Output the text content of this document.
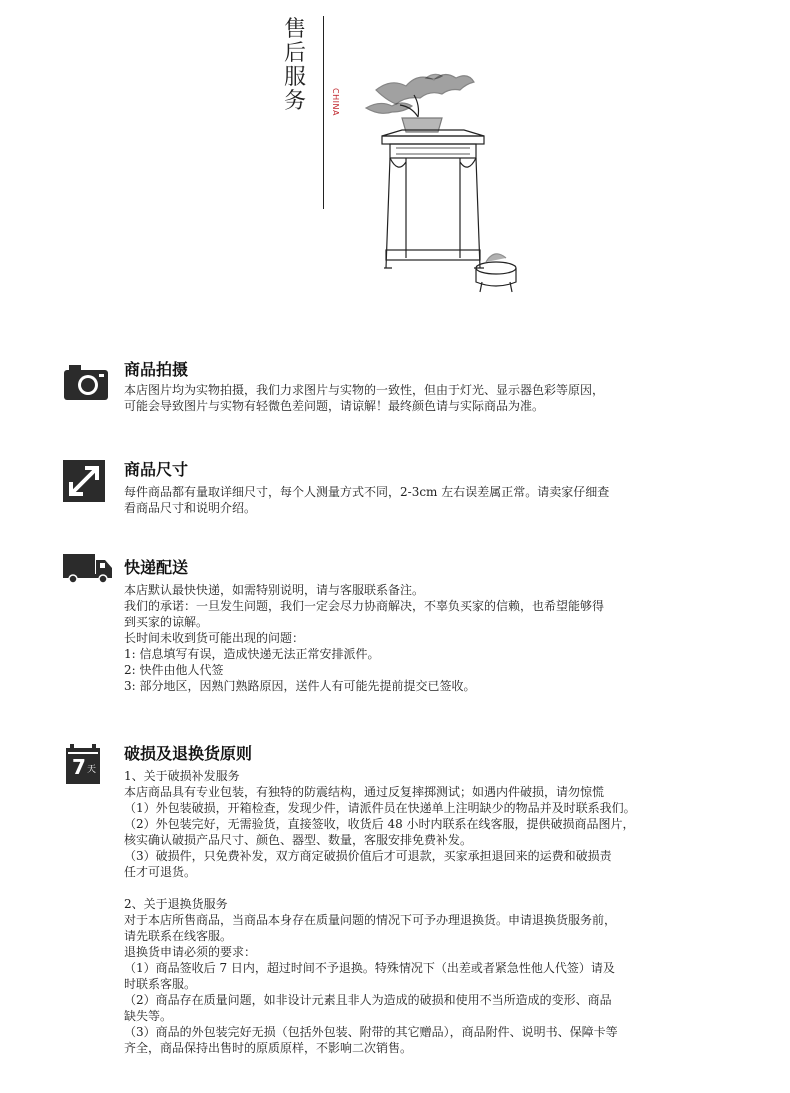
售
后
服
务	CHINA
商品拍摄

本店图片均为实物拍摄，我们力求图片与实物的一致性，但由于灯光、显示器色彩等原因，

可能会导致图片与实物有轻微色差问题，请谅解！最终颜色请与实际商品为准。

商品尺寸

每件商品都有量取详细尺寸，每个人测量方式不同，2-3cm 左右误差属正常。请卖家仔细查

看商品尺寸和说明介绍。

快递配送

本店默认最快快递，如需特别说明，请与客服联系备注。

我们的承诺：一旦发生问题，我们一定会尽力协商解决，不辜负买家的信赖，也希望能够得

到买家的谅解。

长时间未收到货可能出现的问题：

1: 信息填写有误，造成快递无法正常安排派件。

2: 快件由他人代签

3: 部分地区，因熟门熟路原因，送件人有可能先提前提交已签收。

7 天
破损及退换货原则

1、关于破损补发服务

本店商品具有专业包装，有独特的防震结构，通过反复摔掷测试；如遇内件破损，请勿惊慌

（1）外包装破损，开箱检查，发现少件，请派件员在快递单上注明缺少的物品并及时联系我们。

（2）外包装完好，无需验货，直接签收，收货后 48 小时内联系在线客服，提供破损商品图片，

核实确认破损产品尺寸、颜色、器型、数量，客服安排免费补发。

（3）破损件，只免费补发，双方商定破损价值后才可退款，买家承担退回来的运费和破损责

任才可退货。

2、关于退换货服务

对于本店所售商品，当商品本身存在质量问题的情况下可予办理退换货。申请退换货服务前，

请先联系在线客服。

退换货申请必须的要求：

（1）商品签收后 7 日内，超过时间不予退换。特殊情况下（出差或者紧急性他人代签）请及

时联系客服。

（2）商品存在质量问题，如非设计元素且非人为造成的破损和使用不当所造成的变形、商品

缺失等。

（3）商品的外包装完好无损（包括外包装、附带的其它赠品），商品附件、说明书、保障卡等

齐全，商品保持出售时的原质原样，不影响二次销售。
